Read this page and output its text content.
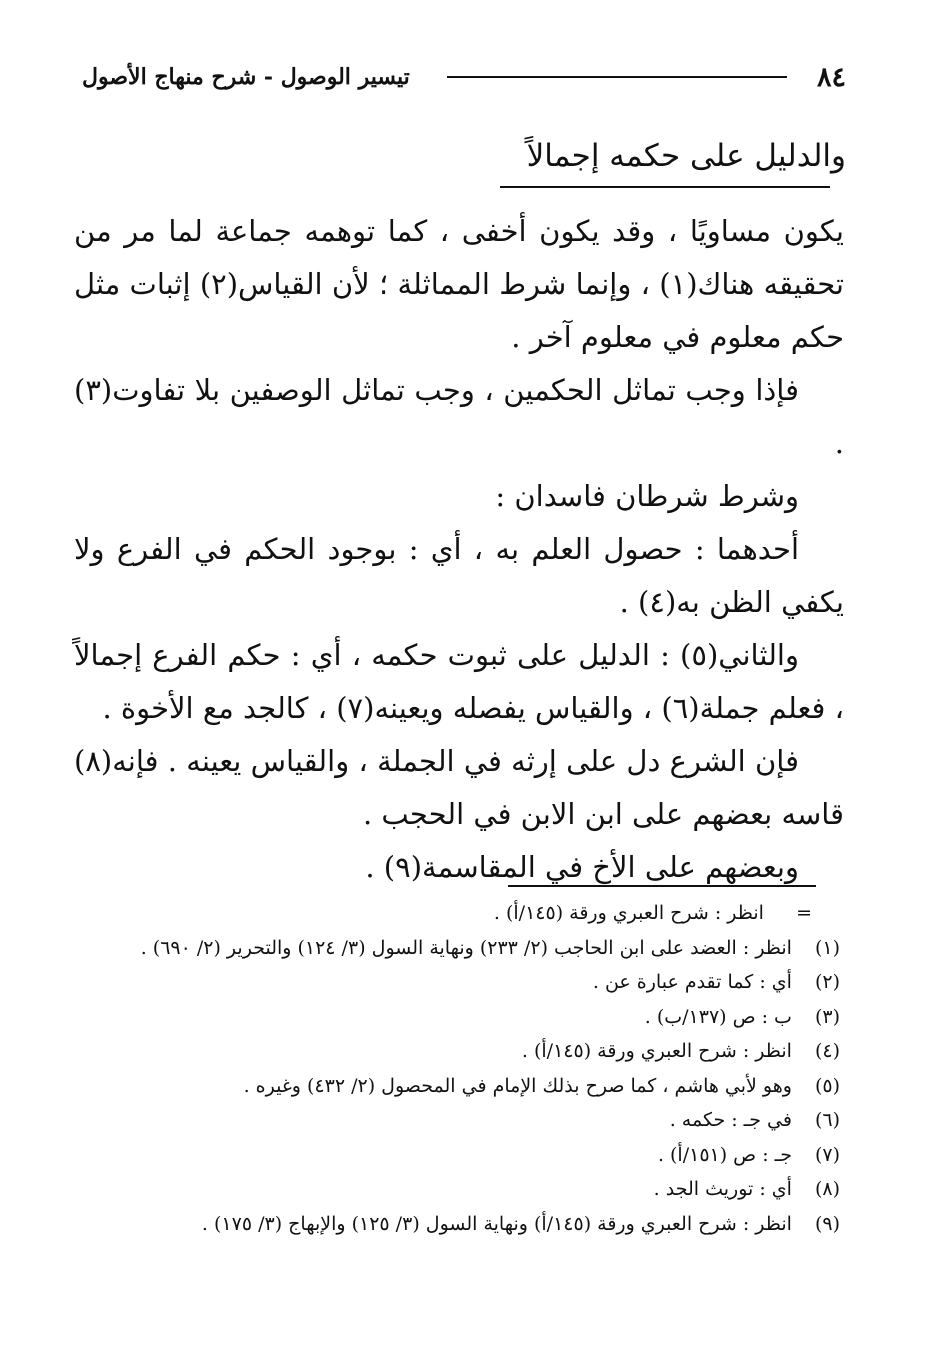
٨٤
تيسير الوصول - شرح منهاج الأصول
والدليل على حكمه إجمالاً

يكون مساويًا ، وقد يكون أخفى ، كما توهمه جماعة لما مر من تحقيقه هناك(١) ، وإنما شرط المماثلة ؛ لأن القياس(٢) إثبات مثل حكم معلوم في معلوم آخر .

فإذا وجب تماثل الحكمين ، وجب تماثل الوصفين بلا تفاوت(٣) .

وشرط شرطان فاسدان :

أحدهما : حصول العلم به ، أي : بوجود الحكم في الفرع ولا يكفي الظن به(٤) .

والثاني(٥) : الدليل على ثبوت حكمه ، أي : حكم الفرع إجمالاً ، فعلم جملة(٦) ، والقياس يفصله ويعينه(٧) ، كالجد مع الأخوة .

فإن الشرع دل على إرثه في الجملة ، والقياس يعينه . فإنه(٨) قاسه بعضهم على ابن الابن في الحجب .

وبعضهم على الأخ في المقاسمة(٩) .

= انظر : شرح العبري ورقة (١٤٥/أ) .
(١) انظر : العضد على ابن الحاجب (٢/ ٢٣٣) ونهاية السول (٣/ ١٢٤) والتحرير (٢/ ٦٩٠) .
(٢) أي : كما تقدم عبارة عن .
(٣) ب : ص (١٣٧/ب) .
(٤) انظر : شرح العبري ورقة (١٤٥/أ) .
(٥) وهو لأبي هاشم ، كما صرح بذلك الإمام في المحصول (٢/ ٤٣٢) وغيره .
(٦) في جـ : حكمه .
(٧) جـ : ص (١٥١/أ) .
(٨) أي : توريث الجد .
(٩) انظر : شرح العبري ورقة (١٤٥/أ) ونهاية السول (٣/ ١٢٥) والإبهاج (٣/ ١٧٥) .
